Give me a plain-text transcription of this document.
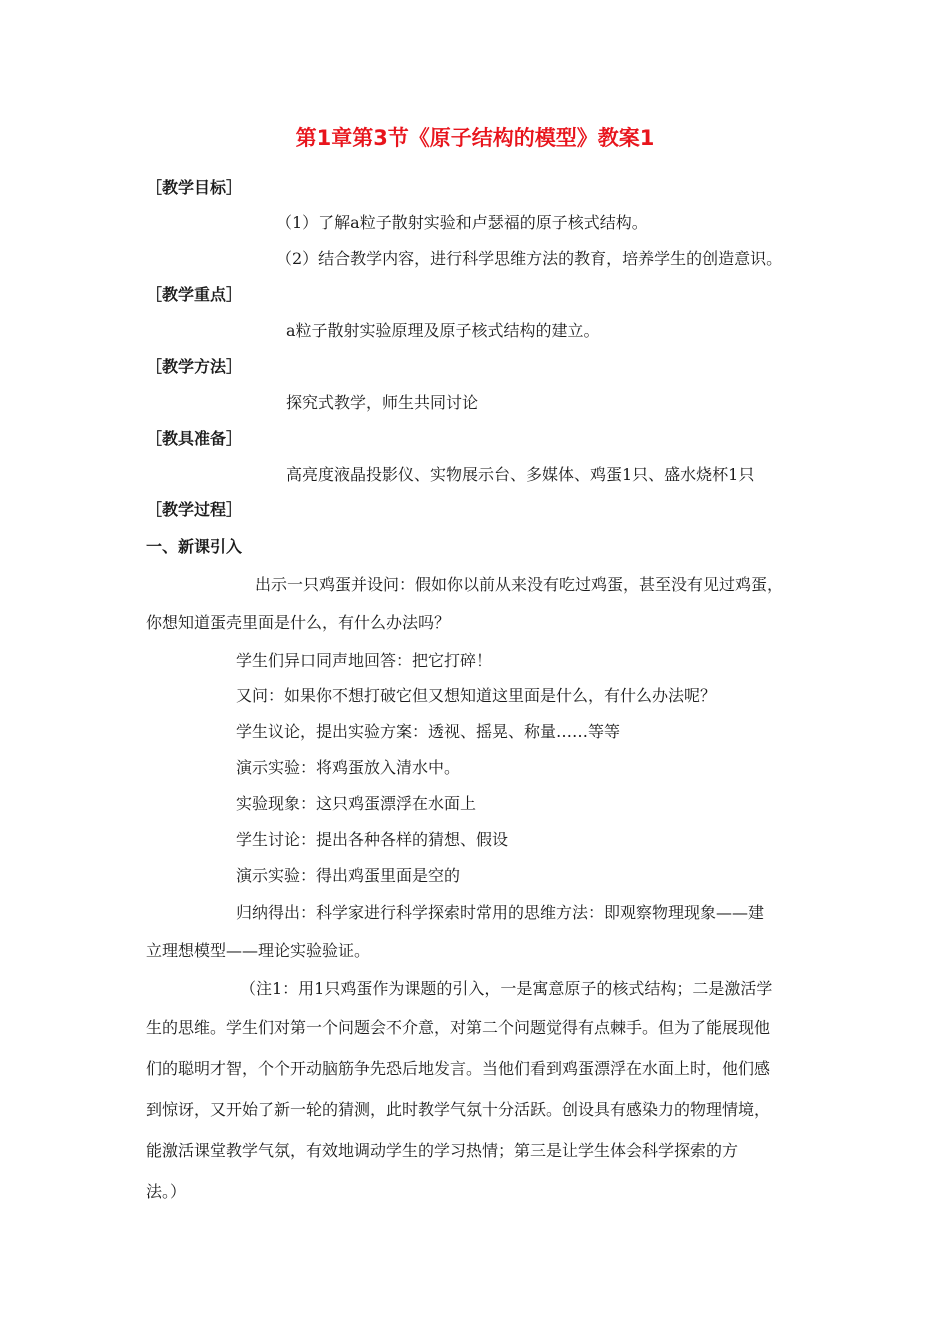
第1章第3节《原子结构的模型》教案1
［教学目标］
（1）了解a粒子散射实验和卢瑟福的原子核式结构。
（2）结合教学内容，进行科学思维方法的教育，培养学生的创造意识。
［教学重点］
a粒子散射实验原理及原子核式结构的建立。
［教学方法］
探究式教学，师生共同讨论
［教具准备］
高亮度液晶投影仪、实物展示台、多媒体、鸡蛋1只、盛水烧杯1只
［教学过程］
一、新课引入
出示一只鸡蛋并设问：假如你以前从来没有吃过鸡蛋，甚至没有见过鸡蛋，
你想知道蛋壳里面是什么，有什么办法吗？
学生们异口同声地回答：把它打碎！
又问：如果你不想打破它但又想知道这里面是什么，有什么办法呢？
学生议论，提出实验方案：透视、摇晃、称量……等等
演示实验：将鸡蛋放入清水中。
实验现象：这只鸡蛋漂浮在水面上
学生讨论：提出各种各样的猜想、假设
演示实验：得出鸡蛋里面是空的
归纳得出：科学家进行科学探索时常用的思维方法：即观察物理现象——建
立理想模型——理论实验验证。
（注1：用1只鸡蛋作为课题的引入，一是寓意原子的核式结构；二是激活学
生的思维。学生们对第一个问题会不介意，对第二个问题觉得有点棘手。但为了能展现他
们的聪明才智，个个开动脑筋争先恐后地发言。当他们看到鸡蛋漂浮在水面上时，他们感
到惊讶，又开始了新一轮的猜测，此时教学气氛十分活跃。创设具有感染力的物理情境，
能激活课堂教学气氛，有效地调动学生的学习热情；第三是让学生体会科学探索的方
法。）
